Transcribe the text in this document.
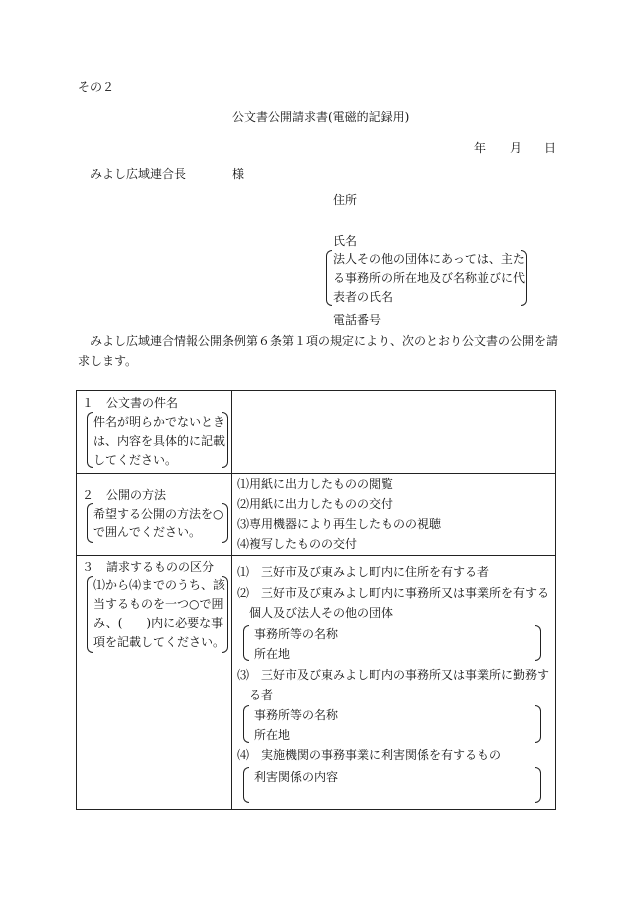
その２
公文書公開請求書(電磁的記録用)
年 月 日
みよし広域連合長	様
住所
氏名
法人その他の団体にあっては、主た
る事務所の所在地及び名称並びに代
表者の氏名
電話番号
みよし広域連合情報公開条例第６条第１項の規定により、次のとおり公文書の公開を請
求します。
１　公文書の件名
件名が明らかでないとき
は、内容を具体的に記載
してください。
２　公開の方法
希望する公開の方法を○
で囲んでください。
⑴用紙に出力したものの閲覧
⑵用紙に出力したものの交付
⑶専用機器により再生したものの視聴
⑷複写したものの交付
３　請求するものの区分
⑴から⑷までのうち、該
当するものを一つ○で囲
み、(　　)内に必要な事
項を記載してください。
⑴　三好市及び東みよし町内に住所を有する者
⑵　三好市及び東みよし町内に事務所又は事業所を有する
個人及び法人その他の団体
事務所等の名称
所在地
⑶　三好市及び東みよし町内の事務所又は事業所に勤務す
る者
事務所等の名称
所在地
⑷　実施機関の事務事業に利害関係を有するもの
利害関係の内容
